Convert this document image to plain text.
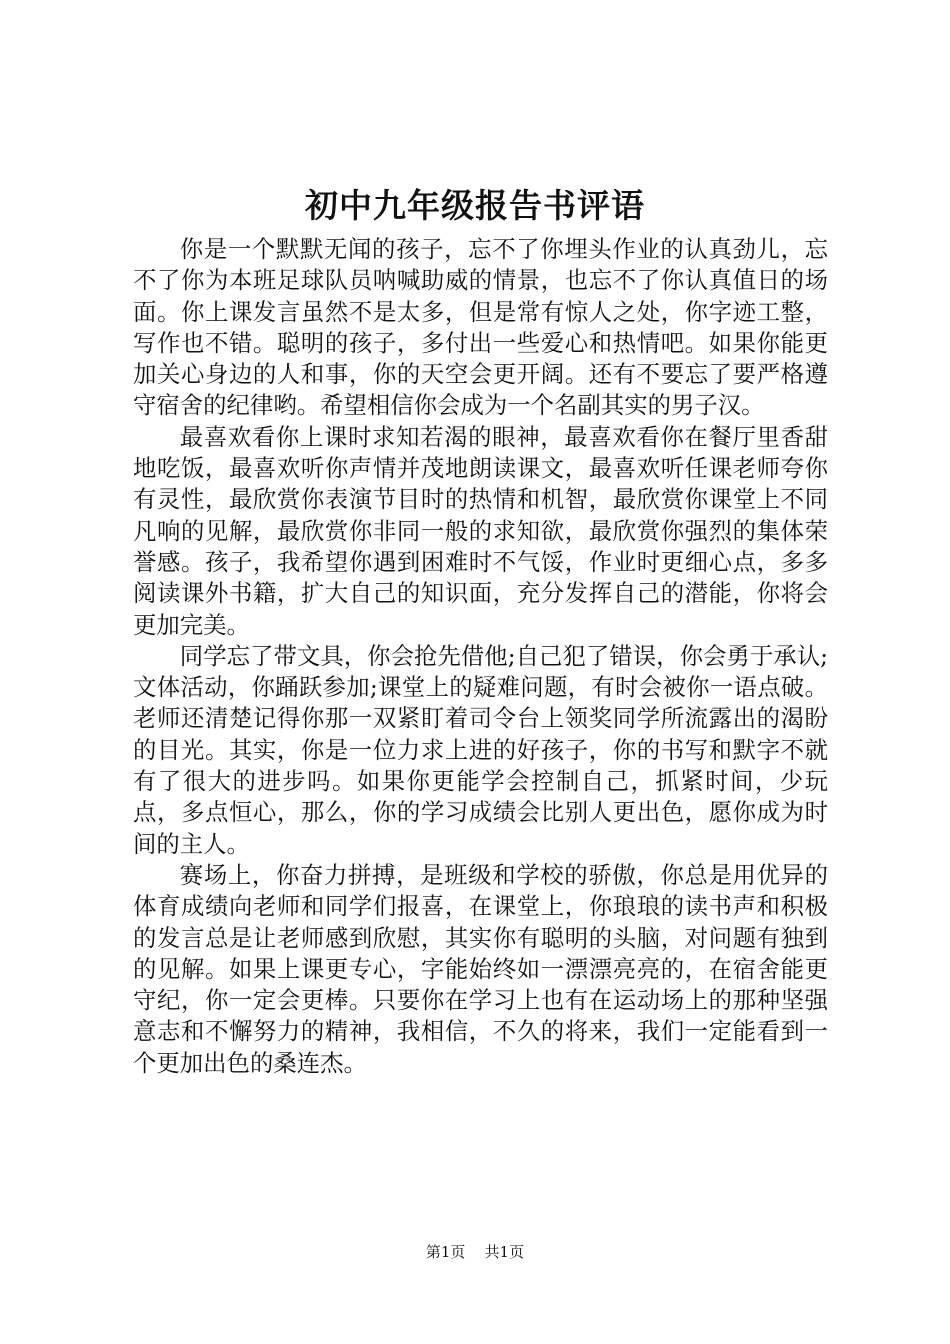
初中九年级报告书评语

你是一个默默无闻的孩子，忘不了你埋头作业的认真劲儿，忘不了你为本班足球队员呐喊助威的情景，也忘不了你认真值日的场面。你上课发言虽然不是太多，但是常有惊人之处，你字迹工整，写作也不错。聪明的孩子，多付出一些爱心和热情吧。如果你能更加关心身边的人和事，你的天空会更开阔。还有不要忘了要严格遵守宿舍的纪律哟。希望相信你会成为一个名副其实的男子汉。

最喜欢看你上课时求知若渴的眼神，最喜欢看你在餐厅里香甜地吃饭，最喜欢听你声情并茂地朗读课文，最喜欢听任课老师夸你有灵性，最欣赏你表演节目时的热情和机智，最欣赏你课堂上不同凡响的见解，最欣赏你非同一般的求知欲，最欣赏你强烈的集体荣誉感。孩子，我希望你遇到困难时不气馁，作业时更细心点，多多阅读课外书籍，扩大自己的知识面，充分发挥自己的潜能，你将会更加完美。

同学忘了带文具，你会抢先借他;自己犯了错误，你会勇于承认;文体活动，你踊跃参加;课堂上的疑难问题，有时会被你一语点破。老师还清楚记得你那一双紧盯着司令台上领奖同学所流露出的渴盼的目光。其实，你是一位力求上进的好孩子，你的书写和默字不就有了很大的进步吗。如果你更能学会控制自己，抓紧时间，少玩点，多点恒心，那么，你的学习成绩会比别人更出色，愿你成为时间的主人。

赛场上，你奋力拼搏，是班级和学校的骄傲，你总是用优异的体育成绩向老师和同学们报喜，在课堂上，你琅琅的读书声和积极的发言总是让老师感到欣慰，其实你有聪明的头脑，对问题有独到的见解。如果上课更专心，字能始终如一漂漂亮亮的，在宿舍能更守纪，你一定会更棒。只要你在学习上也有在运动场上的那种坚强意志和不懈努力的精神，我相信，不久的将来，我们一定能看到一个更加出色的桑连杰。

第1页 共1页
